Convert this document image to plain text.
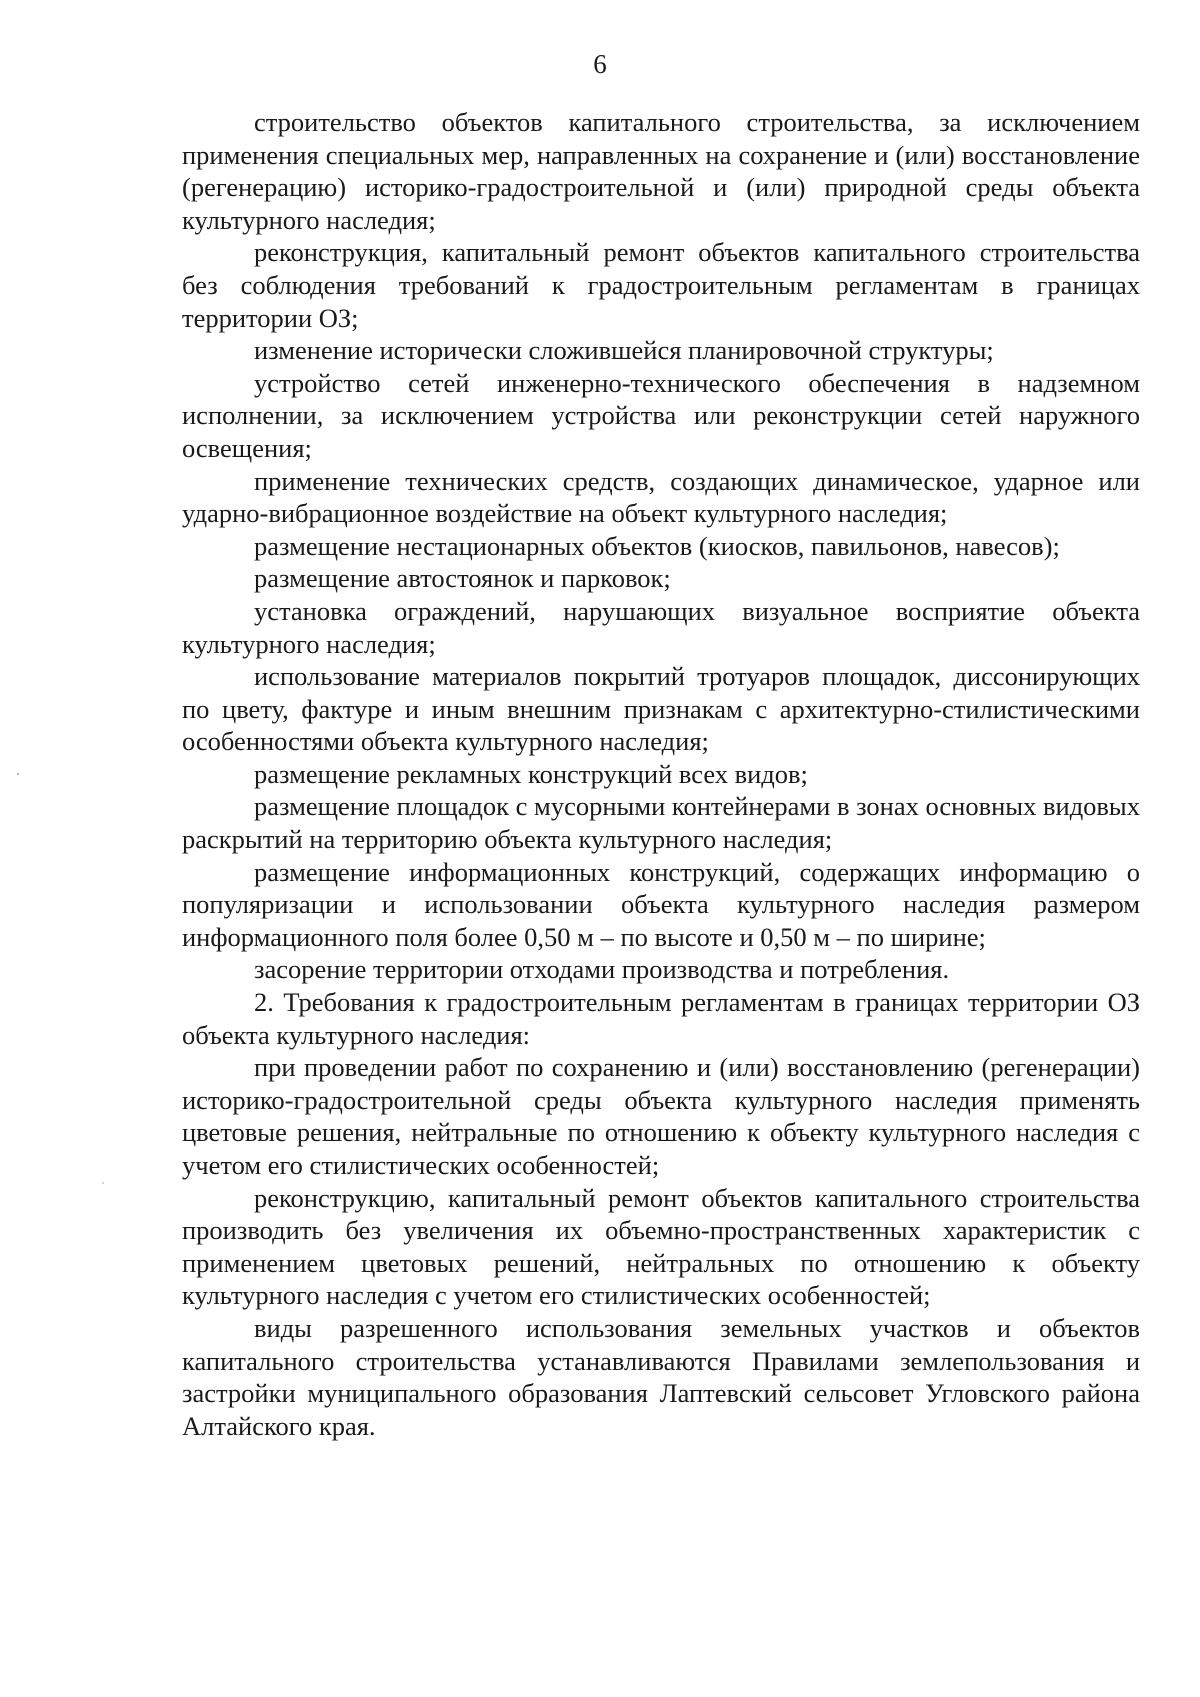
6

строительство объектов капитального строительства, за исключением применения специальных мер, направленных на сохранение и (или) восстановление (регенерацию) историко-градостроительной и (или) природной среды объекта культурного наследия;

реконструкция, капитальный ремонт объектов капитального строительства без соблюдения требований к градостроительным регламентам в границах территории ОЗ;

изменение исторически сложившейся планировочной структуры;

устройство сетей инженерно-технического обеспечения в надземном исполнении, за исключением устройства или реконструкции сетей наружного освещения;

применение технических средств, создающих динамическое, ударное или ударно-вибрационное воздействие на объект культурного наследия;

размещение нестационарных объектов (киосков, павильонов, навесов);

размещение автостоянок и парковок;

установка ограждений, нарушающих визуальное восприятие объекта культурного наследия;

использование материалов покрытий тротуаров площадок, диссонирующих по цвету, фактуре и иным внешним признакам с архитектурно-стилистическими особенностями объекта культурного наследия;

размещение рекламных конструкций всех видов;

размещение площадок с мусорными контейнерами в зонах основных видовых раскрытий на территорию объекта культурного наследия;

размещение информационных конструкций, содержащих информацию о популяризации и использовании объекта культурного наследия размером информационного поля более 0,50 м – по высоте и 0,50 м – по ширине;

засорение территории отходами производства и потребления.

2. Требования к градостроительным регламентам в границах территории ОЗ объекта культурного наследия:

при проведении работ по сохранению и (или) восстановлению (регенерации) историко-градостроительной среды объекта культурного наследия применять цветовые решения, нейтральные по отношению к объекту культурного наследия с учетом его стилистических особенностей;

реконструкцию, капитальный ремонт объектов капитального строительства производить без увеличения их объемно-пространственных характеристик с применением цветовых решений, нейтральных по отношению к объекту культурного наследия с учетом его стилистических особенностей;

виды разрешенного использования земельных участков и объектов капитального строительства устанавливаются Правилами землепользования и застройки муниципального образования Лаптевский сельсовет Угловского района Алтайского края.
